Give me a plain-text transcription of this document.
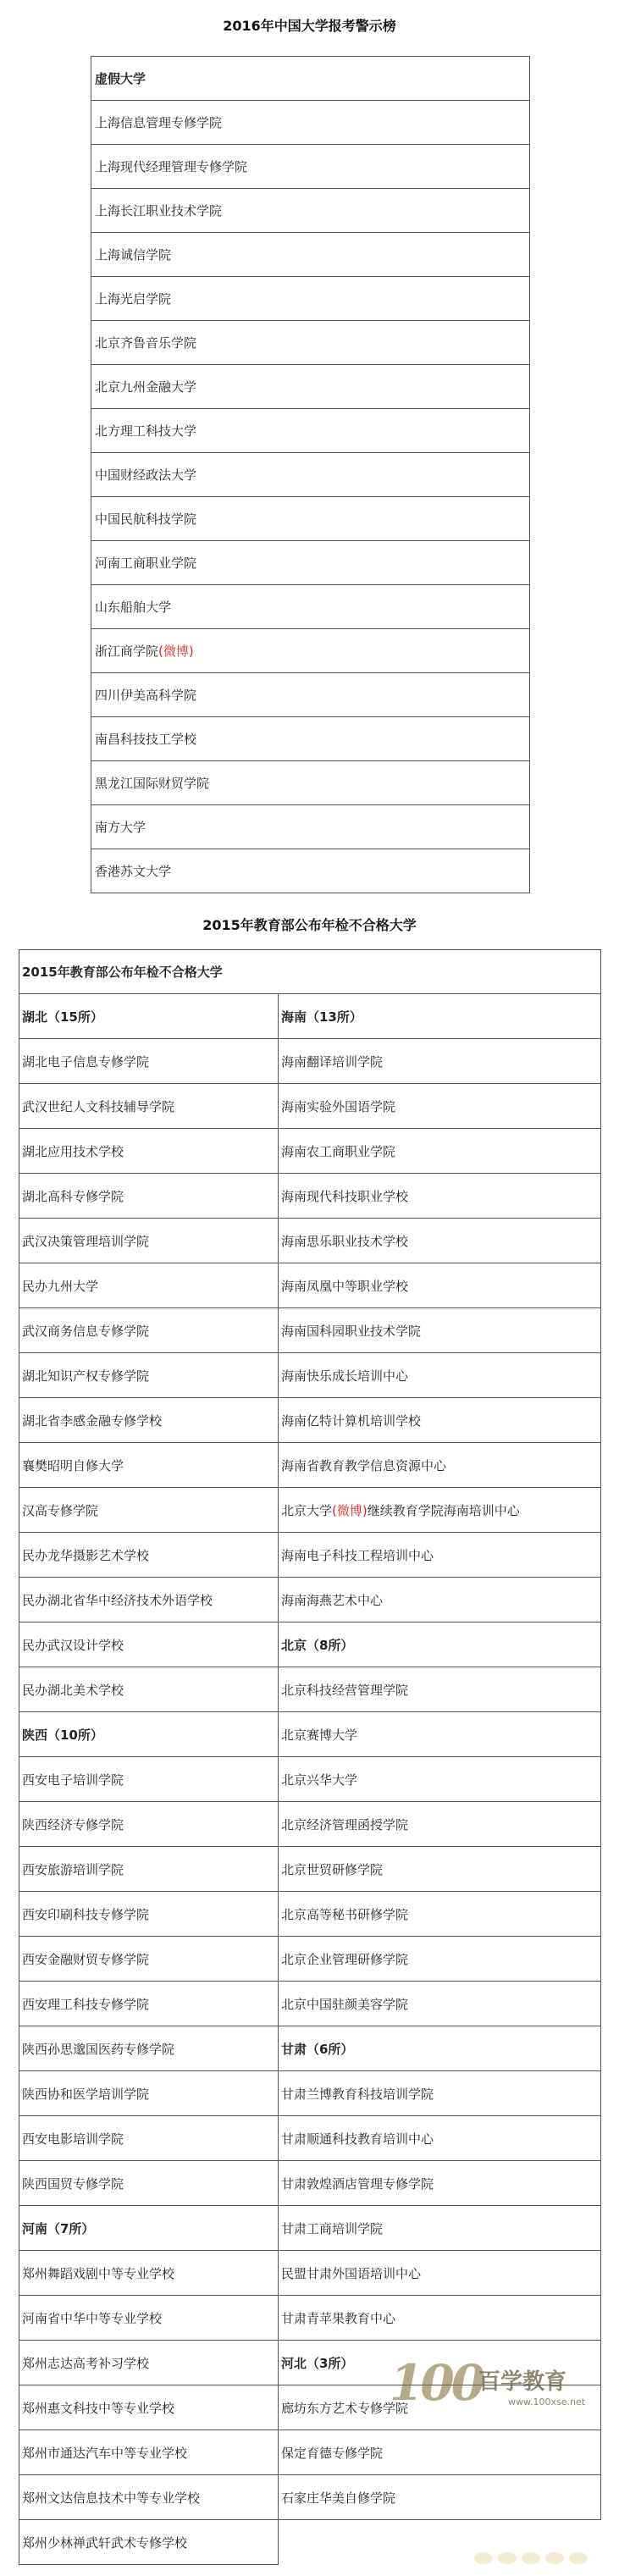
2016年中国大学报考警示榜
虚假大学
上海信息管理专修学院
上海现代经理管理专修学院
上海长江职业技术学院
上海诚信学院
上海光启学院
北京齐鲁音乐学院
北京九州金融大学
北方理工科技大学
中国财经政法大学
中国民航科技学院
河南工商职业学院
山东船舶大学
浙江商学院(微博)
四川伊美高科学院
南昌科技技工学校
黑龙江国际财贸学院
南方大学
香港苏文大学
2015年教育部公布年检不合格大学
2015年教育部公布年检不合格大学	
湖北（15所）	海南（13所）
湖北电子信息专修学院	海南翻译培训学院
武汉世纪人文科技辅导学院	海南实验外国语学院
湖北应用技术学校	海南农工商职业学院
湖北高科专修学院	海南现代科技职业学校
武汉决策管理培训学院	海南思乐职业技术学校
民办九州大学	海南凤凰中等职业学校
武汉商务信息专修学院	海南国科园职业技术学院
湖北知识产权专修学院	海南快乐成长培训中心
湖北省李感金融专修学校	海南亿特计算机培训学校
襄樊昭明自修大学	海南省教育教学信息资源中心
汉高专修学院	北京大学(微博)继续教育学院海南培训中心
民办龙华摄影艺术学校	海南电子科技工程培训中心
民办湖北省华中经济技术外语学校	海南海燕艺术中心
民办武汉设计学校	北京（8所）
民办湖北美术学校	北京科技经营管理学院
陕西（10所）	北京赛博大学
西安电子培训学院	北京兴华大学
陕西经济专修学院	北京经济管理函授学院
西安旅游培训学院	北京世贸研修学院
西安印刷科技专修学院	北京高等秘书研修学院
西安金融财贸专修学院	北京企业管理研修学院
西安理工科技专修学院	北京中国驻颜美容学院
陕西孙思邈国医药专修学院	甘肃（6所）
陕西协和医学培训学院	甘肃兰博教育科技培训学院
西安电影培训学院	甘肃顺通科技教育培训中心
陕西国贸专修学院	甘肃敦煌酒店管理专修学院
河南（7所）	甘肃工商培训学院
郑州舞蹈戏剧中等专业学校	民盟甘肃外国语培训中心
河南省中华中等专业学校	甘肃青苹果教育中心
郑州志达高考补习学校	河北（3所）
郑州惠文科技中等专业学校	廊坊东方艺术专修学院
郑州市通达汽车中等专业学校	保定育德专修学院
郑州文达信息技术中等专业学校	石家庄华美自修学院
郑州少林禅武轩武术专修学校	
100
百学教育
www.100xse.net
